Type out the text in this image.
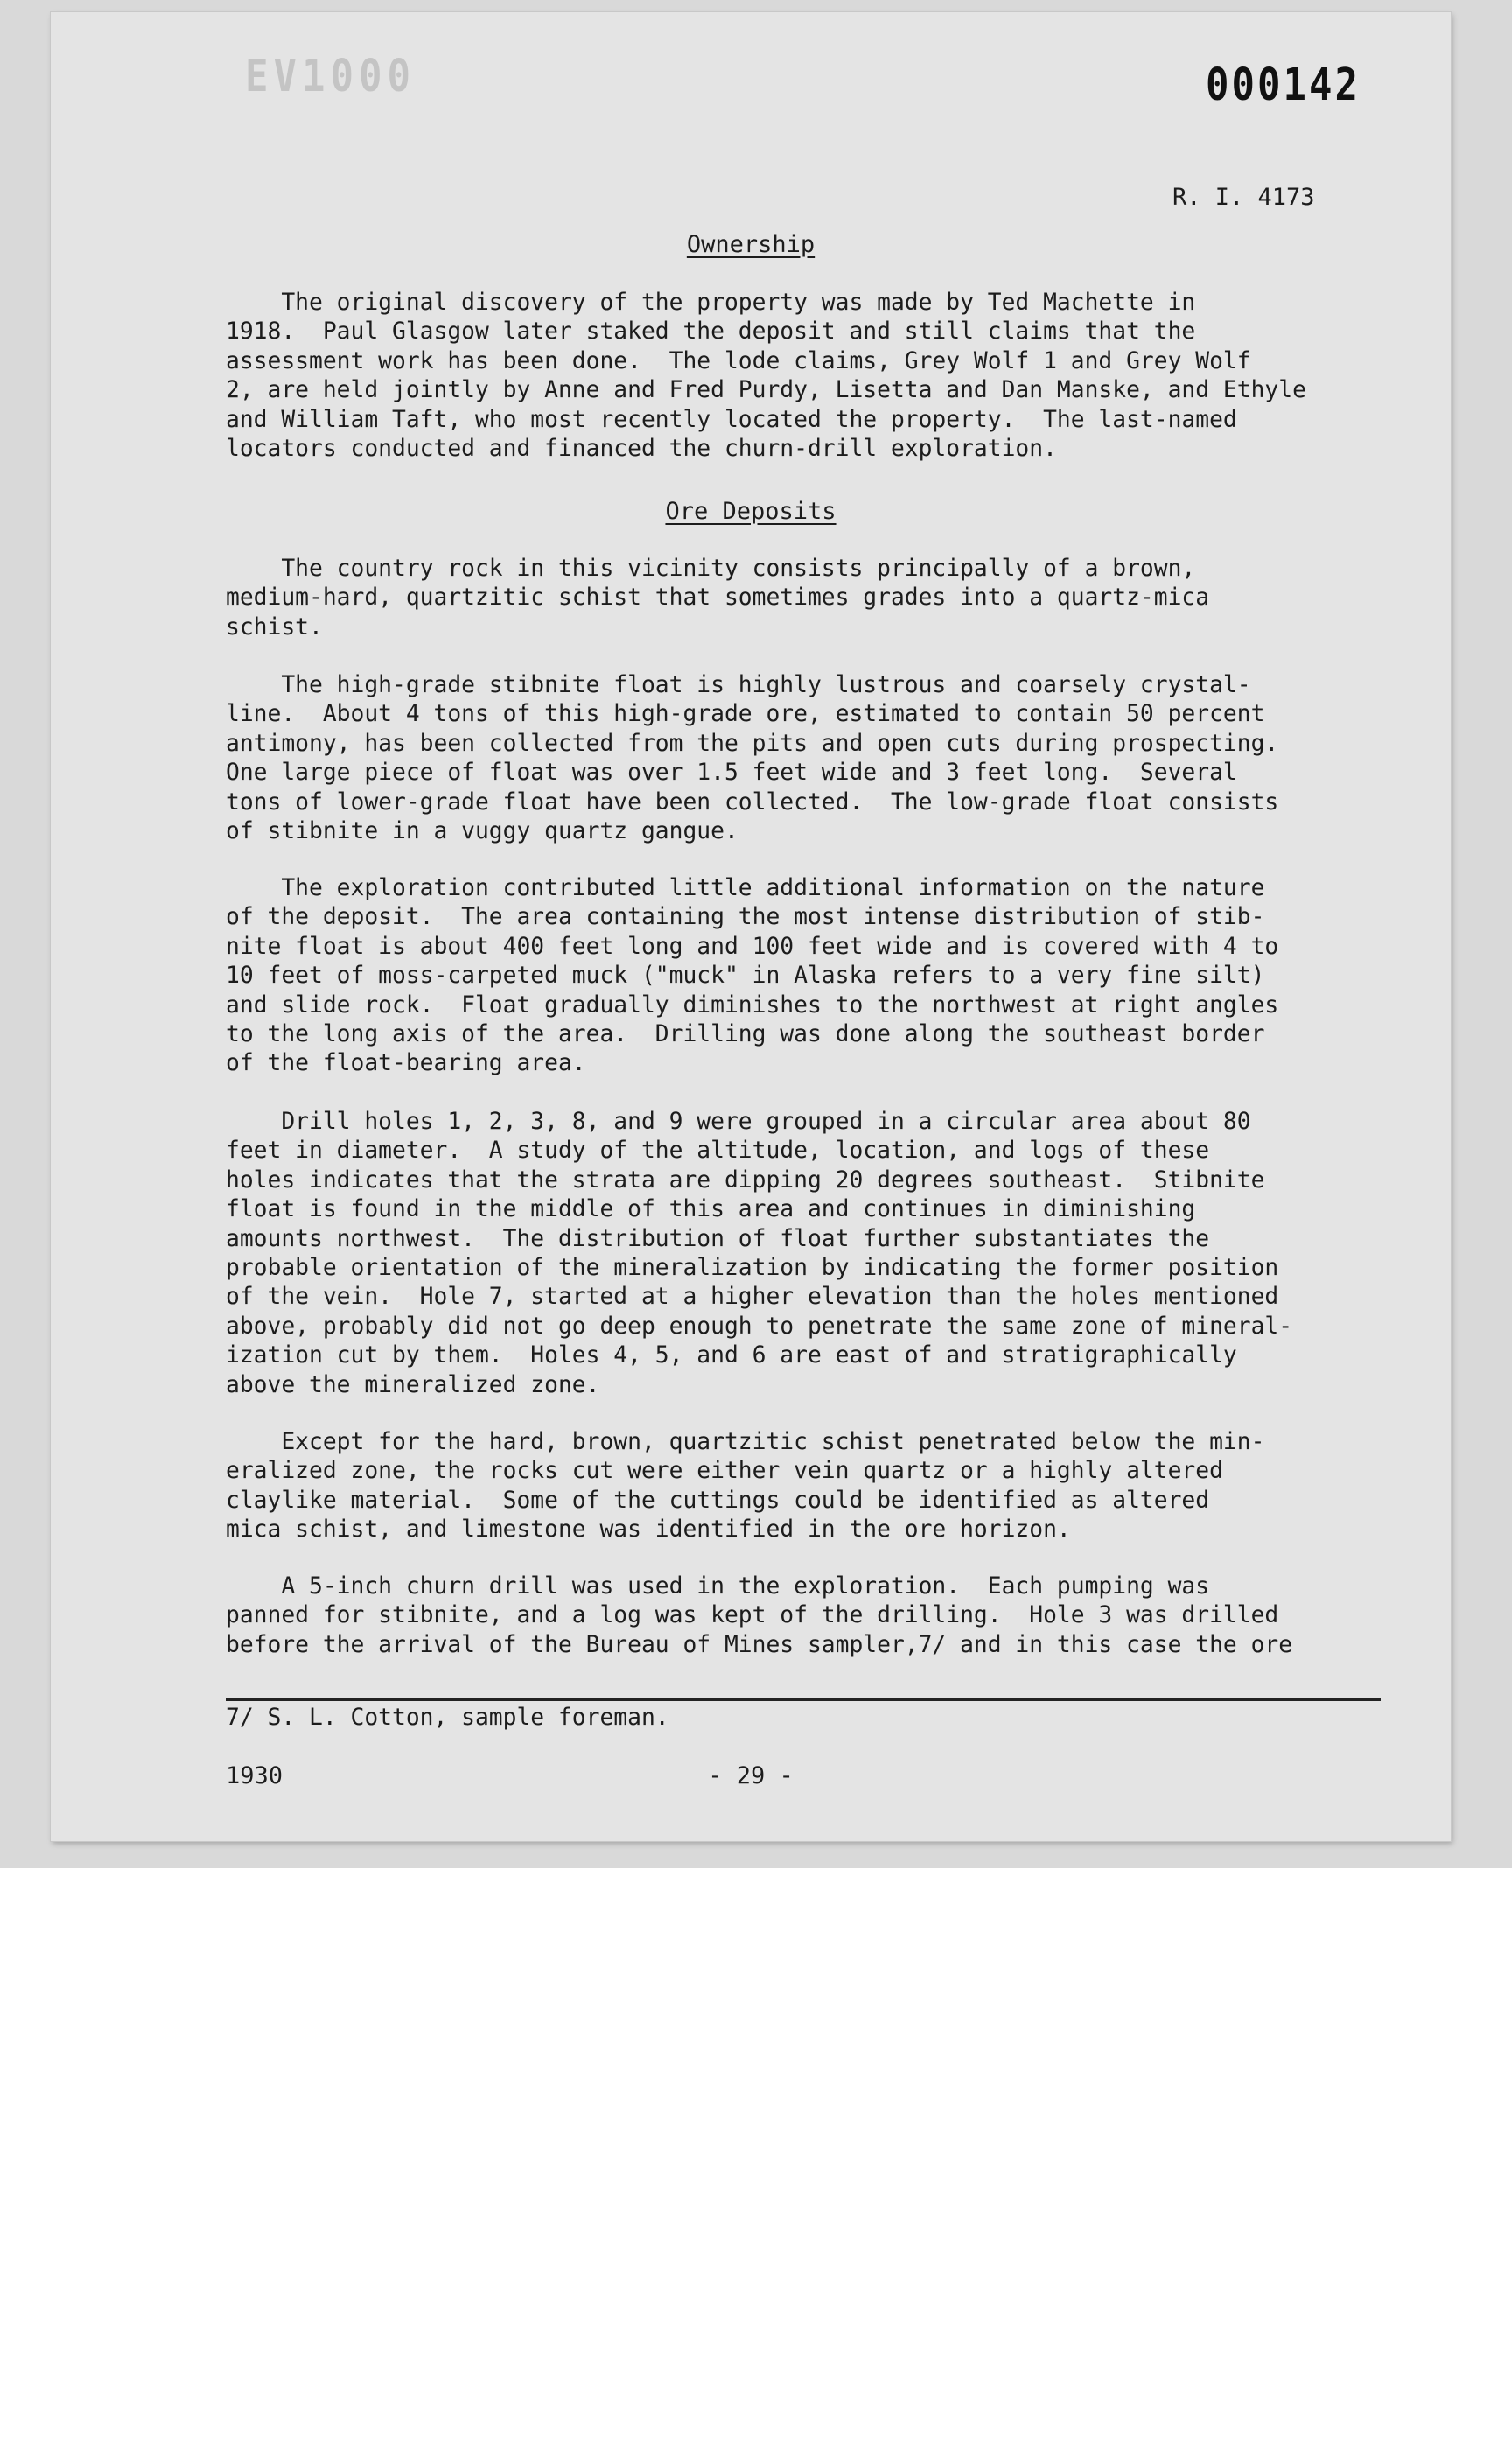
EV1000	000142
R. I. 4173
Ownership
The original discovery of the property was made by Ted Machette in
1918.  Paul Glasgow later staked the deposit and still claims that the
assessment work has been done.  The lode claims, Grey Wolf 1 and Grey Wolf
2, are held jointly by Anne and Fred Purdy, Lisetta and Dan Manske, and Ethyle
and William Taft, who most recently located the property.  The last-named
locators conducted and financed the churn-drill exploration.
Ore Deposits
The country rock in this vicinity consists principally of a brown,
medium-hard, quartzitic schist that sometimes grades into a quartz-mica
schist.
The high-grade stibnite float is highly lustrous and coarsely crystal-
line.  About 4 tons of this high-grade ore, estimated to contain 50 percent
antimony, has been collected from the pits and open cuts during prospecting.
One large piece of float was over 1.5 feet wide and 3 feet long.  Several
tons of lower-grade float have been collected.  The low-grade float consists
of stibnite in a vuggy quartz gangue.
The exploration contributed little additional information on the nature
of the deposit.  The area containing the most intense distribution of stib-
nite float is about 400 feet long and 100 feet wide and is covered with 4 to
10 feet of moss-carpeted muck ("muck" in Alaska refers to a very fine silt)
and slide rock.  Float gradually diminishes to the northwest at right angles
to the long axis of the area.  Drilling was done along the southeast border
of the float-bearing area.
Drill holes 1, 2, 3, 8, and 9 were grouped in a circular area about 80
feet in diameter.  A study of the altitude, location, and logs of these
holes indicates that the strata are dipping 20 degrees southeast.  Stibnite
float is found in the middle of this area and continues in diminishing
amounts northwest.  The distribution of float further substantiates the
probable orientation of the mineralization by indicating the former position
of the vein.  Hole 7, started at a higher elevation than the holes mentioned
above, probably did not go deep enough to penetrate the same zone of mineral-
ization cut by them.  Holes 4, 5, and 6 are east of and stratigraphically
above the mineralized zone.
Except for the hard, brown, quartzitic schist penetrated below the min-
eralized zone, the rocks cut were either vein quartz or a highly altered
claylike material.  Some of the cuttings could be identified as altered
mica schist, and limestone was identified in the ore horizon.
A 5-inch churn drill was used in the exploration.  Each pumping was
panned for stibnite, and a log was kept of the drilling.  Hole 3 was drilled
before the arrival of the Bureau of Mines sampler,7/ and in this case the ore
7/ S. L. Cotton, sample foreman.
1930	- 29 -
